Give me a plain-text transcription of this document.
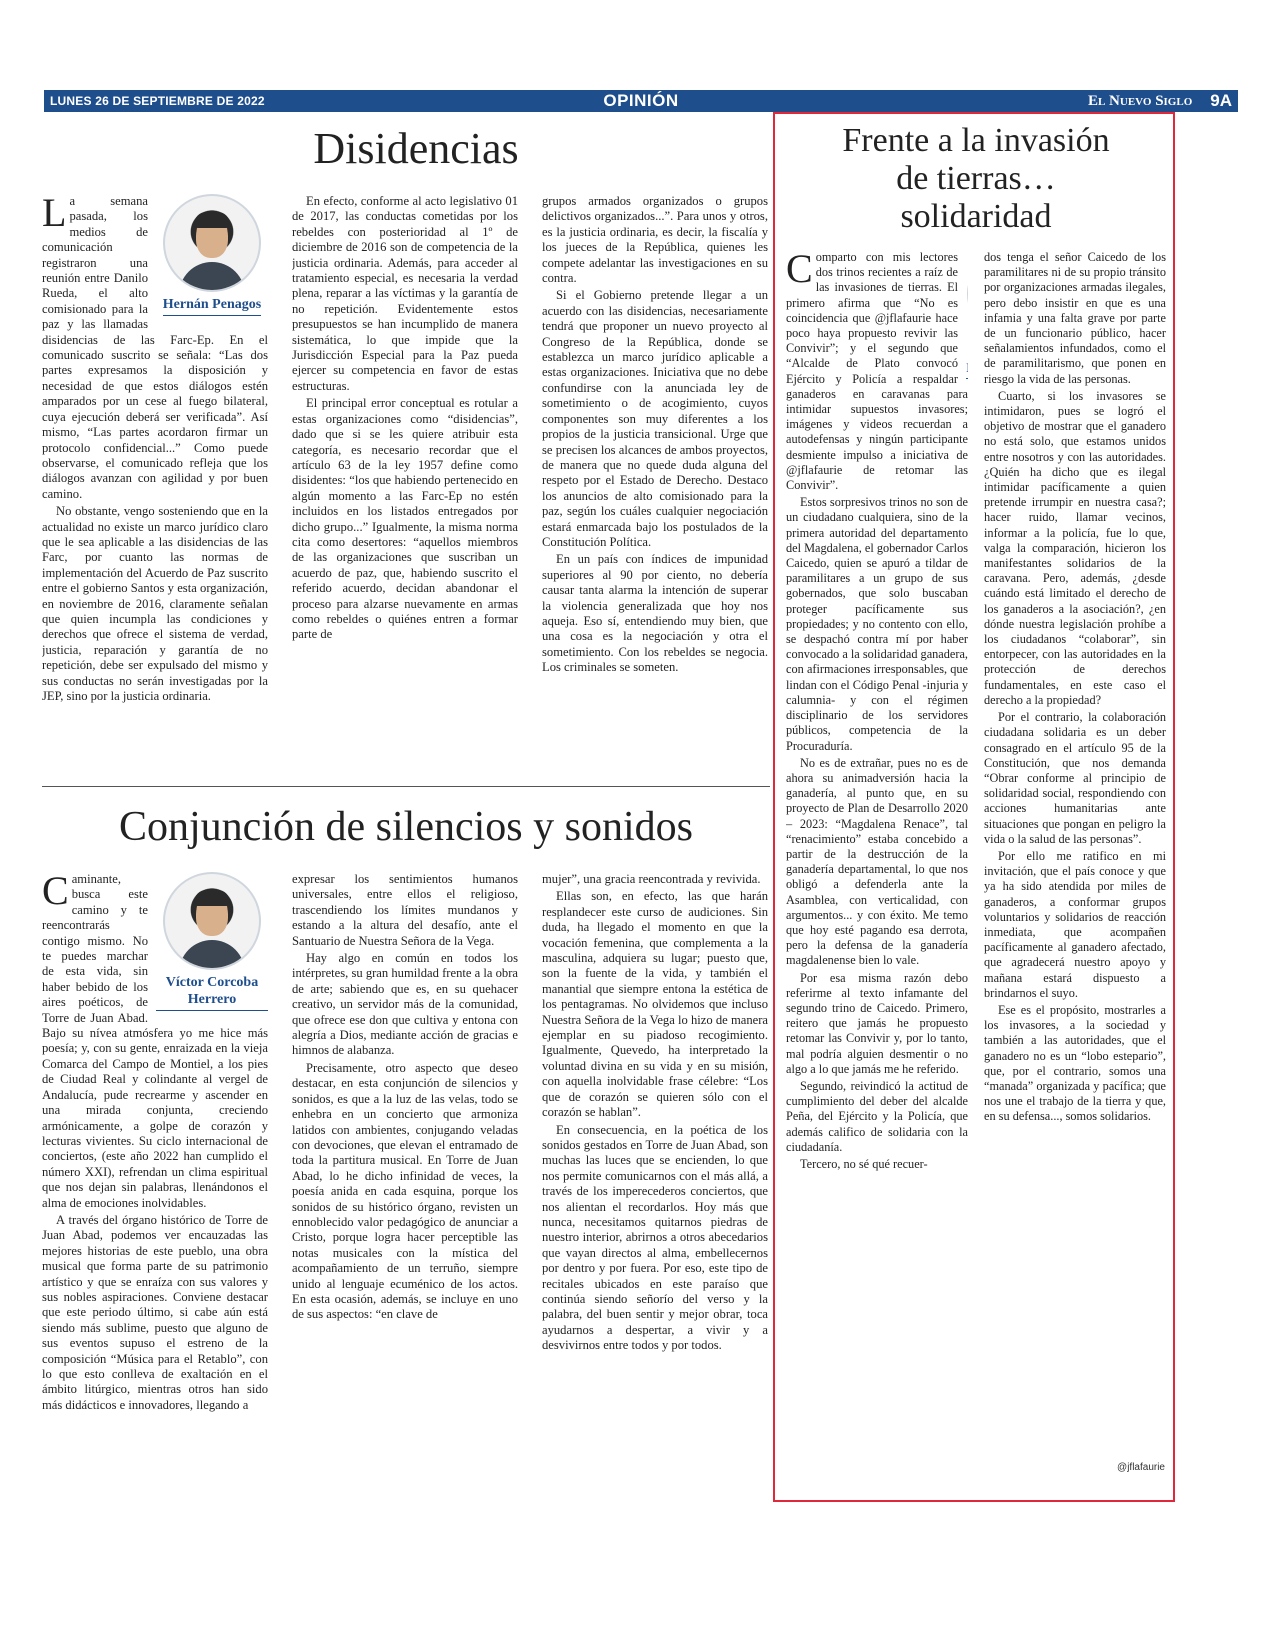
LUNES 26 DE SEPTIEMBRE DE 2022	OPINIÓN	El Nuevo Siglo 9A
Disidencias
Hernán Penagos

La semana pasada, los medios de comunicación registraron una reunión entre Danilo Rueda, el alto comisionado para la paz y las llamadas disidencias de las Farc-Ep. En el comunicado suscrito se señala: “Las dos partes expresamos la disposición y necesidad de que estos diálogos estén amparados por un cese al fuego bilateral, cuya ejecución deberá ser verificada”. Así mismo, “Las partes acordaron firmar un protocolo confidencial...” Como puede observarse, el comunicado refleja que los diálogos avanzan con agilidad y por buen camino.

No obstante, vengo sosteniendo que en la actualidad no existe un marco jurídico claro que le sea aplicable a las disidencias de las Farc, por cuanto las normas de implementación del Acuerdo de Paz suscrito entre el gobierno Santos y esta organización, en noviembre de 2016, claramente señalan que quien incumpla las condiciones y derechos que ofrece el sistema de verdad, justicia, reparación y garantía de no repetición, debe ser expulsado del mismo y sus conductas no serán investigadas por la JEP, sino por la justicia ordinaria.

En efecto, conforme al acto legislativo 01 de 2017, las conductas cometidas por los rebeldes con posterioridad al 1º de diciembre de 2016 son de competencia de la justicia ordinaria. Además, para acceder al tratamiento especial, es necesaria la verdad plena, reparar a las víctimas y la garantía de no repetición. Evidentemente estos presupuestos se han incumplido de manera sistemática, lo que impide que la Jurisdicción Especial para la Paz pueda ejercer su competencia en favor de estas estructuras.

El principal error conceptual es rotular a estas organizaciones como “disidencias”, dado que si se les quiere atribuir esta categoría, es necesario recordar que el artículo 63 de la ley 1957 define como disidentes: “los que habiendo pertenecido en algún momento a las Farc-Ep no estén incluidos en los listados entregados por dicho grupo...” Igualmente, la misma norma cita como desertores: “aquellos miembros de las organizaciones que suscriban un acuerdo de paz, que, habiendo suscrito el referido acuerdo, decidan abandonar el proceso para alzarse nuevamente en armas como rebeldes o quiénes entren a formar parte de

grupos armados organizados o grupos delictivos organizados...”. Para unos y otros, es la justicia ordinaria, es decir, la fiscalía y los jueces de la República, quienes les compete adelantar las investigaciones en su contra.

Si el Gobierno pretende llegar a un acuerdo con las disidencias, necesariamente tendrá que proponer un nuevo proyecto al Congreso de la República, donde se establezca un marco jurídico aplicable a estas organizaciones. Iniciativa que no debe confundirse con la anunciada ley de sometimiento o de acogimiento, cuyos componentes son muy diferentes a los propios de la justicia transicional. Urge que se precisen los alcances de ambos proyectos, de manera que no quede duda alguna del respeto por el Estado de Derecho. Destaco los anuncios de alto comisionado para la paz, según los cuáles cualquier negociación estará enmarcada bajo los postulados de la Constitución Política.

En un país con índices de impunidad superiores al 90 por ciento, no debería causar tanta alarma la intención de superar la violencia generalizada que hoy nos aqueja. Eso sí, entendiendo muy bien, que una cosa es la negociación y otra el sometimiento. Con los rebeldes se negocia. Los criminales se someten.

Conjunción de silencios y sonidos
Víctor Corcoba Herrero

Caminante, busca este camino y te reencontrarás contigo mismo. No te puedes marchar de esta vida, sin haber bebido de los aires poéticos, de Torre de Juan Abad. Bajo su nívea atmósfera yo me hice más poesía; y, con su gente, enraizada en la vieja Comarca del Campo de Montiel, a los pies de Ciudad Real y colindante al vergel de Andalucía, pude recrearme y ascender en una mirada conjunta, creciendo armónicamente, a golpe de corazón y lecturas vivientes. Su ciclo internacional de conciertos, (este año 2022 han cumplido el número XXI), refrendan un clima espiritual que nos dejan sin palabras, llenándonos el alma de emociones inolvidables.

A través del órgano histórico de Torre de Juan Abad, podemos ver encauzadas las mejores historias de este pueblo, una obra musical que forma parte de su patrimonio artístico y que se enraíza con sus valores y sus nobles aspiraciones. Conviene destacar que este periodo último, si cabe aún está siendo más sublime, puesto que alguno de sus eventos supuso el estreno de la composición “Música para el Retablo”, con lo que esto conlleva de exaltación en el ámbito litúrgico, mientras otros han sido más didácticos e innovadores, llegando a

expresar los sentimientos humanos universales, entre ellos el religioso, trascendiendo los límites mundanos y estando a la altura del desafío, ante el Santuario de Nuestra Señora de la Vega.

Hay algo en común en todos los intérpretes, su gran humildad frente a la obra de arte; sabiendo que es, en su quehacer creativo, un servidor más de la comunidad, que ofrece ese don que cultiva y entona con alegría a Dios, mediante acción de gracias e himnos de alabanza.

Precisamente, otro aspecto que deseo destacar, en esta conjunción de silencios y sonidos, es que a la luz de las velas, todo se enhebra en un concierto que armoniza latidos con ambientes, conjugando veladas con devociones, que elevan el entramado de toda la partitura musical. En Torre de Juan Abad, lo he dicho infinidad de veces, la poesía anida en cada esquina, porque los sonidos de su histórico órgano, revisten un ennoblecido valor pedagógico de anunciar a Cristo, porque logra hacer perceptible las notas musicales con la mística del acompañamiento de un terruño, siempre unido al lenguaje ecuménico de los actos. En esta ocasión, además, se incluye en uno de sus aspectos: “en clave de

mujer”, una gracia reencontrada y revivida.

Ellas son, en efecto, las que harán resplandecer este curso de audiciones. Sin duda, ha llegado el momento en que la vocación femenina, que complementa a la masculina, adquiera su lugar; puesto que, son la fuente de la vida, y también el manantial que siempre entona la estética de los pentagramas. No olvidemos que incluso Nuestra Señora de la Vega lo hizo de manera ejemplar en su piadoso recogimiento. Igualmente, Quevedo, ha interpretado la voluntad divina en su vida y en su misión, con aquella inolvidable frase célebre: “Los que de corazón se quieren sólo con el corazón se hablan”.

En consecuencia, en la poética de los sonidos gestados en Torre de Juan Abad, son muchas las luces que se encienden, lo que nos permite comunicarnos con el más allá, a través de los imperecederos conciertos, que nos alientan el recordarlos. Hoy más que nunca, necesitamos quitarnos piedras de nuestro interior, abrirnos a otros abecedarios que vayan directos al alma, embellecernos por dentro y por fuera. Por eso, este tipo de recitales ubicados en este paraíso que continúa siendo señorío del verso y la palabra, del buen sentir y mejor obrar, toca ayudarnos a despertar, a vivir y a desvivirnos entre todos y por todos.

Frente a la invasión
de tierras…
solidaridad

Comparto con mis lectores dos trinos recientes a raíz de las invasiones de tierras. El primero afirma que “No es coincidencia que @jflafaurie hace poco haya propuesto revivir las Convivir”; y el segundo que “Alcalde de Plato convocó Ejército y Policía a respaldar ganaderos en caravanas para intimidar supuestos invasores; imágenes y videos recuerdan a autodefensas y ningún participante desmiente impulso a iniciativa de @jflafaurie de retomar las Convivir”.

Estos sorpresivos trinos no son de un ciudadano cualquiera, sino de la primera autoridad del departamento del Magdalena, el gobernador Carlos Caicedo, quien se apuró a tildar de paramilitares a un grupo de sus gobernados, que solo buscaban proteger pacíficamente sus propiedades; y no contento con ello, se despachó contra mí por haber convocado a la solidaridad ganadera, con afirmaciones irresponsables, que lindan con el Código Penal -injuria y calumnia- y con el régimen disciplinario de los servidores públicos, competencia de la Procuraduría.

No es de extrañar, pues no es de ahora su animadversión hacia la ganadería, al punto que, en su proyecto de Plan de Desarrollo 2020 – 2023: “Magdalena Renace”, tal “renacimiento” estaba concebido a partir de la destrucción de la ganadería departamental, lo que nos obligó a defenderla ante la Asamblea, con verticalidad, con argumentos... y con éxito. Me temo que hoy esté pagando esa derrota, pero la defensa de la ganadería magdalenense bien lo vale.

Por esa misma razón debo referirme al texto infamante del segundo trino de Caicedo. Primero, reitero que jamás he propuesto retomar las Convivir y, por lo tanto, mal podría alguien desmentir o no algo a lo que jamás me he referido.

Segundo, reivindicó la actitud de cumplimiento del deber del alcalde Peña, del Ejército y la Policía, que además califico de solidaria con la ciudadanía.

Tercero, no sé qué recuer-

dos tenga el señor Caicedo de los paramilitares ni de su propio tránsito por organizaciones armadas ilegales, pero debo insistir en que es una infamia y una falta grave por parte de un funcionario público, hacer señalamientos infundados, como el de paramilitarismo, que ponen en riesgo la vida de las personas.

Cuarto, si los invasores se intimidaron, pues se logró el objetivo de mostrar que el ganadero no está solo, que estamos unidos entre nosotros y con las autoridades. ¿Quién ha dicho que es ilegal intimidar pacíficamente a quien pretende irrumpir en nuestra casa?; hacer ruido, llamar vecinos, informar a la policía, fue lo que, valga la comparación, hicieron los manifestantes solidarios de la caravana. Pero, además, ¿desde cuándo está limitado el derecho de los ganaderos a la asociación?, ¿en dónde nuestra legislación prohíbe a los ciudadanos “colaborar”, sin entorpecer, con las autoridades en la protección de derechos fundamentales, en este caso el derecho a la propiedad?

Por el contrario, la colaboración ciudadana solidaria es un deber consagrado en el artículo 95 de la Constitución, que nos demanda “Obrar conforme al principio de solidaridad social, respondiendo con acciones humanitarias ante situaciones que pongan en peligro la vida o la salud de las personas”.

Por ello me ratifico en mi invitación, que el país conoce y que ya ha sido atendida por miles de ganaderos, a conformar grupos voluntarios y solidarios de reacción inmediata, que acompañen pacíficamente al ganadero afectado, que agradecerá nuestro apoyo y mañana estará dispuesto a brindarnos el suyo.

Ese es el propósito, mostrarles a los invasores, a la sociedad y también a las autoridades, que el ganadero no es un “lobo estepario”, que, por el contrario, somos una “manada” organizada y pacífica; que nos une el trabajo de la tierra y que, en su defensa..., somos solidarios.

@jflafaurie
